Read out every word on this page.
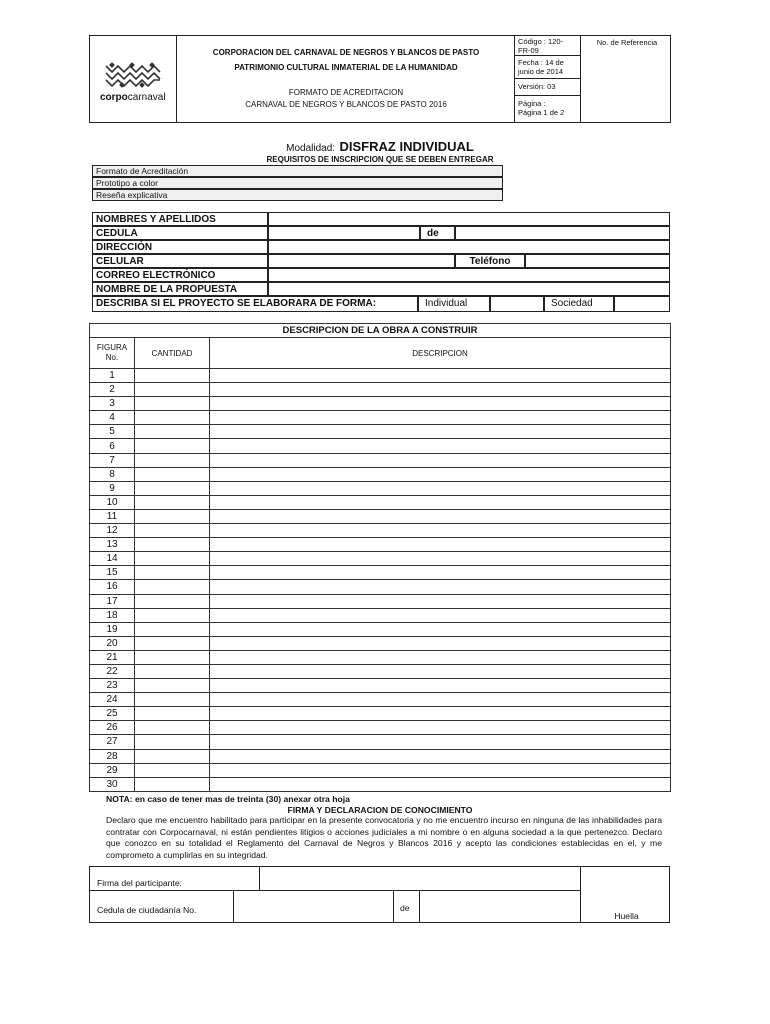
corpocarnaval
CORPORACION DEL CARNAVAL DE NEGROS Y BLANCOS DE PASTO
PATRIMONIO CULTURAL INMATERIAL DE LA HUMANIDAD
FORMATO DE ACREDITACION
CARNAVAL DE NEGROS Y BLANCOS DE PASTO 2016
Código : 120-
FR-09
Fecha : 14 de
junio de 2014
Versión: 03
Página :
Página 1 de 2
No. de Referencia
Modalidad: DISFRAZ INDIVIDUAL
REQUISITOS DE INSCRIPCION QUE SE DEBEN ENTREGAR
Formato de Acreditación
Prototipo a color
Reseña explicativa
NOMBRES Y APELLIDOS
CEDULA	de
DIRECCIÓN
CELULAR	Teléfono
CORREO ELECTRÓNICO
NOMBRE DE LA PROPUESTA
DESCRIBA SI EL PROYECTO SE ELABORARA DE FORMA:	Individual	Sociedad
DESCRIPCION DE LA OBRA A CONSTRUIR		

FIGURA
No.	CANTIDAD	DESCRIPCION
1		
2		
3		
4		
5		
6		
7		
8		
9		
10		
11		
12		
13		
14		
15		
16		
17		
18		
19		
20		
21		
22		
23		
24		
25		
26		
27		
28		
29		
30		
NOTA: en caso de tener mas de treinta (30) anexar otra hoja
FIRMA Y DECLARACION DE CONOCIMIENTO
Declaro que me encuentro habilitado para participar en la presente convocatoria y no me encuentro incurso en ninguna de las inhabilidades para contratar con Corpocarnaval, ni están pendientes litigios o acciones judiciales a mi nombre o en alguna sociedad a la que pertenezco. Declaro que conozco en su totalidad el Reglamento del Carnaval de Negros y Blancos 2016 y acepto las condiciones establecidas en el, y me comprometo a cumplirlas en su integridad.
Firma del participante:
Cedula de ciudadanía No.	de
Huella
